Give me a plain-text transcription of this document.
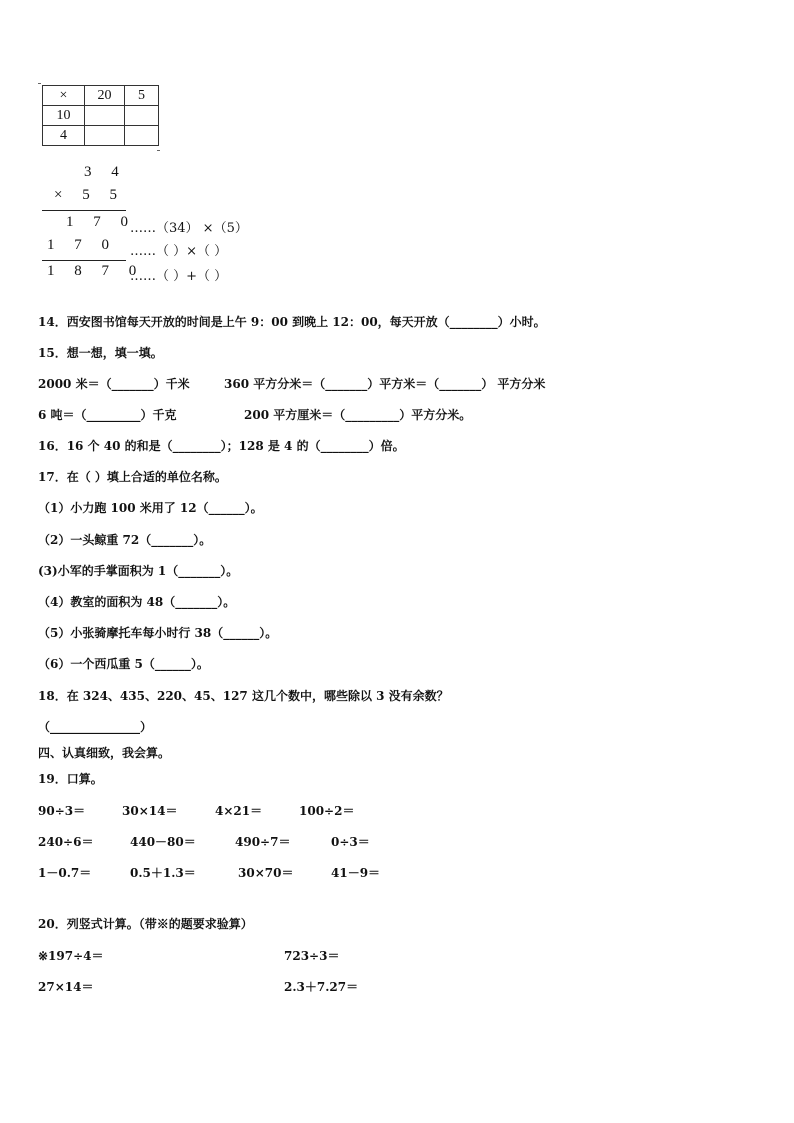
×	20	5
10		
4		
3 4
× 5 5
1 7 0
……（34） ×（5）
1 7 0 ……（ ）×（ ）
1 8 7 0
……（ ）+（ ）
14．西安图书馆每天开放的时间是上午 9：00 到晚上 12：00，每天开放（________）小时。
15．想一想，填一填。
2000 米＝（_______）千米	360 平方分米＝（_______）平方米＝（_______） 平方分米
6 吨＝（_________）千克	200 平方厘米＝（_________）平方分米。
16．16 个 40 的和是（________）；128 是 4 的（________）倍。
17．在（ ）填上合适的单位名称。
（1）小力跑 100 米用了 12（______）。
（2）一头鲸重 72（_______）。
(3)小军的手掌面积为 1（_______）。
（4）教室的面积为 48（_______）。
（5）小张骑摩托车每小时行 38（______）。
（6）一个西瓜重 5（______）。
18．在 324、435、220、45、127 这几个数中，哪些除以 3 没有余数？
（_______________）
四、认真细致，我会算。
19．口算。
90÷3＝	30×14＝	4×21＝	100÷2＝
240÷6＝	440－80＝	490÷7＝	0÷3＝
1－0.7＝	0.5＋1.3＝	30×70＝	41－9＝
20．列竖式计算。（带※的题要求验算）
※197÷4＝	723÷3＝
27×14＝	2.3＋7.27＝
